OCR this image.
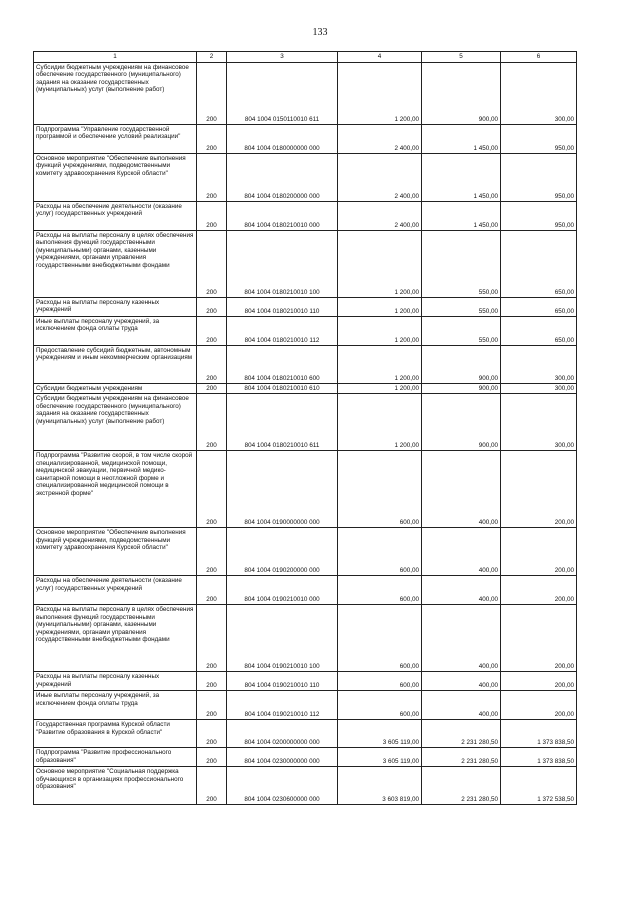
133
1	2	3	4	5	6
Субсидии бюджетным учреждениям на финансовое обеспечение государственного (муниципального) задания на оказание государственных (муниципальных) услуг (выполнение работ)	200	804 1004 0150110010 611	1 200,00	900,00	300,00
Подпрограмма "Управление государственной программой и обеспечение условий реализации"	200	804 1004 0180000000 000	2 400,00	1 450,00	950,00
Основное мероприятие "Обеспечение выполнения функций учреждениями, подведомственными комитету здравоохранения Курской области"	200	804 1004 0180200000 000	2 400,00	1 450,00	950,00
Расходы на обеспечение деятельности (оказание услуг) государственных учреждений	200	804 1004 0180210010 000	2 400,00	1 450,00	950,00
Расходы на выплаты персоналу в целях обеспечения выполнения функций государственными (муниципальными) органами, казенными учреждениями, органами управления государственными внебюджетными фондами	200	804 1004 0180210010 100	1 200,00	550,00	650,00
Расходы на выплаты персоналу казенных учреждений	200	804 1004 0180210010 110	1 200,00	550,00	650,00
Иные выплаты персоналу учреждений, за исключением фонда оплаты труда	200	804 1004 0180210010 112	1 200,00	550,00	650,00
Предоставление субсидий бюджетным, автономным учреждениям и иным некоммерческим организациям	200	804 1004 0180210010 600	1 200,00	900,00	300,00
Субсидии бюджетным учреждениям	200	804 1004 0180210010 610	1 200,00	900,00	300,00
Субсидии бюджетным учреждениям на финансовое обеспечение государственного (муниципального) задания на оказание государственных (муниципальных) услуг (выполнение работ)	200	804 1004 0180210010 611	1 200,00	900,00	300,00
Подпрограмма "Развитие скорой, в том числе скорой специализированной, медицинской помощи, медицинской эвакуации, первичной медико-санитарной помощи в неотложной форме и специализированной медицинской помощи в экстренной форме"	200	804 1004 0190000000 000	600,00	400,00	200,00
Основное мероприятие "Обеспечение выполнения функций учреждениями, подведомственными комитету здравоохранения Курской области"	200	804 1004 0190200000 000	600,00	400,00	200,00
Расходы на обеспечение деятельности (оказание услуг) государственных учреждений	200	804 1004 0190210010 000	600,00	400,00	200,00
Расходы на выплаты персоналу в целях обеспечения выполнения функций государственными (муниципальными) органами, казенными учреждениями, органами управления государственными внебюджетными фондами	200	804 1004 0190210010 100	600,00	400,00	200,00
Расходы на выплаты персоналу казенных учреждений	200	804 1004 0190210010 110	600,00	400,00	200,00
Иные выплаты персоналу учреждений, за исключением фонда оплаты труда	200	804 1004 0190210010 112	600,00	400,00	200,00
Государственная программа Курской области "Развитие образования в Курской области"	200	804 1004 0200000000 000	3 605 119,00	2 231 280,50	1 373 838,50
Подпрограмма "Развитие профессионального образования"	200	804 1004 0230000000 000	3 605 119,00	2 231 280,50	1 373 838,50
Основное мероприятие "Социальная поддержка обучающихся в организациях профессионального образования"	200	804 1004 0230600000 000	3 603 819,00	2 231 280,50	1 372 538,50
